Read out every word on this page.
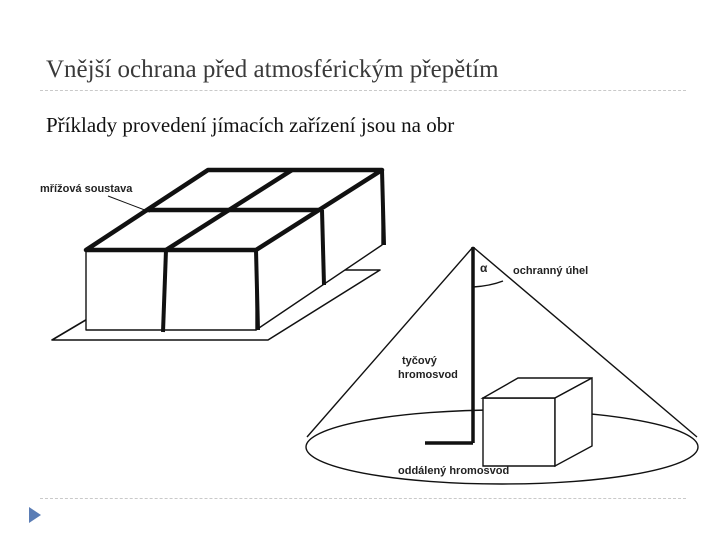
Vnější ochrana před atmosférickým přepětím
Příklady provedení jímacích zařízení jsou na obr
mřížová soustava
α ochranný úhel
tyčový
hromosvod
oddálený hromosvod
